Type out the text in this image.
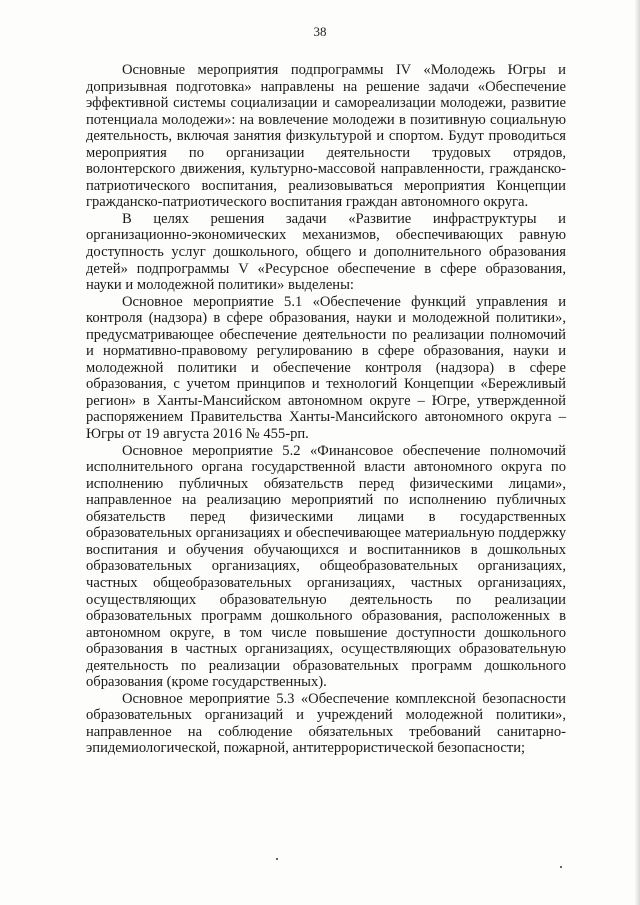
38

Основные мероприятия подпрограммы IV «Молодежь Югры и допризывная подготовка» направлены на решение задачи «Обеспечение эффективной системы социализации и самореализации молодежи, развитие потенциала молодежи»: на вовлечение молодежи в позитивную социальную деятельность, включая занятия физкультурой и спортом. Будут проводиться мероприятия по организации деятельности трудовых отрядов, волонтерского движения, культурно-массовой направленности, гражданско-патриотического воспитания, реализовываться мероприятия Концепции гражданско-патриотического воспитания граждан автономного округа.

В целях решения задачи «Развитие инфраструктуры и организационно-экономических механизмов, обеспечивающих равную доступность услуг дошкольного, общего и дополнительного образования детей» подпрограммы V «Ресурсное обеспечение в сфере образования, науки и молодежной политики» выделены:

Основное мероприятие 5.1 «Обеспечение функций управления и контроля (надзора) в сфере образования, науки и молодежной политики», предусматривающее обеспечение деятельности по реализации полномочий и нормативно-правовому регулированию в сфере образования, науки и молодежной политики и обеспечение контроля (надзора) в сфере образования, с учетом принципов и технологий Концепции «Бережливый регион» в Ханты-Мансийском автономном округе – Югре, утвержденной распоряжением Правительства Ханты-Мансийского автономного округа – Югры от 19 августа 2016 № 455-рп.

Основное мероприятие 5.2 «Финансовое обеспечение полномочий исполнительного органа государственной власти автономного округа по исполнению публичных обязательств перед физическими лицами», направленное на реализацию мероприятий по исполнению публичных обязательств перед физическими лицами в государственных образовательных организациях и обеспечивающее материальную поддержку воспитания и обучения обучающихся и воспитанников в дошкольных образовательных организациях, общеобразовательных организациях, частных общеобразовательных организациях, частных организациях, осуществляющих образовательную деятельность по реализации образовательных программ дошкольного образования, расположенных в автономном округе, в том числе повышение доступности дошкольного образования в частных организациях, осуществляющих образовательную деятельность по реализации образовательных программ дошкольного образования (кроме государственных).

Основное мероприятие 5.3 «Обеспечение комплексной безопасности образовательных организаций и учреждений молодежной политики», направленное на соблюдение обязательных требований санитарно-эпидемиологической, пожарной, антитеррористической безопасности;
